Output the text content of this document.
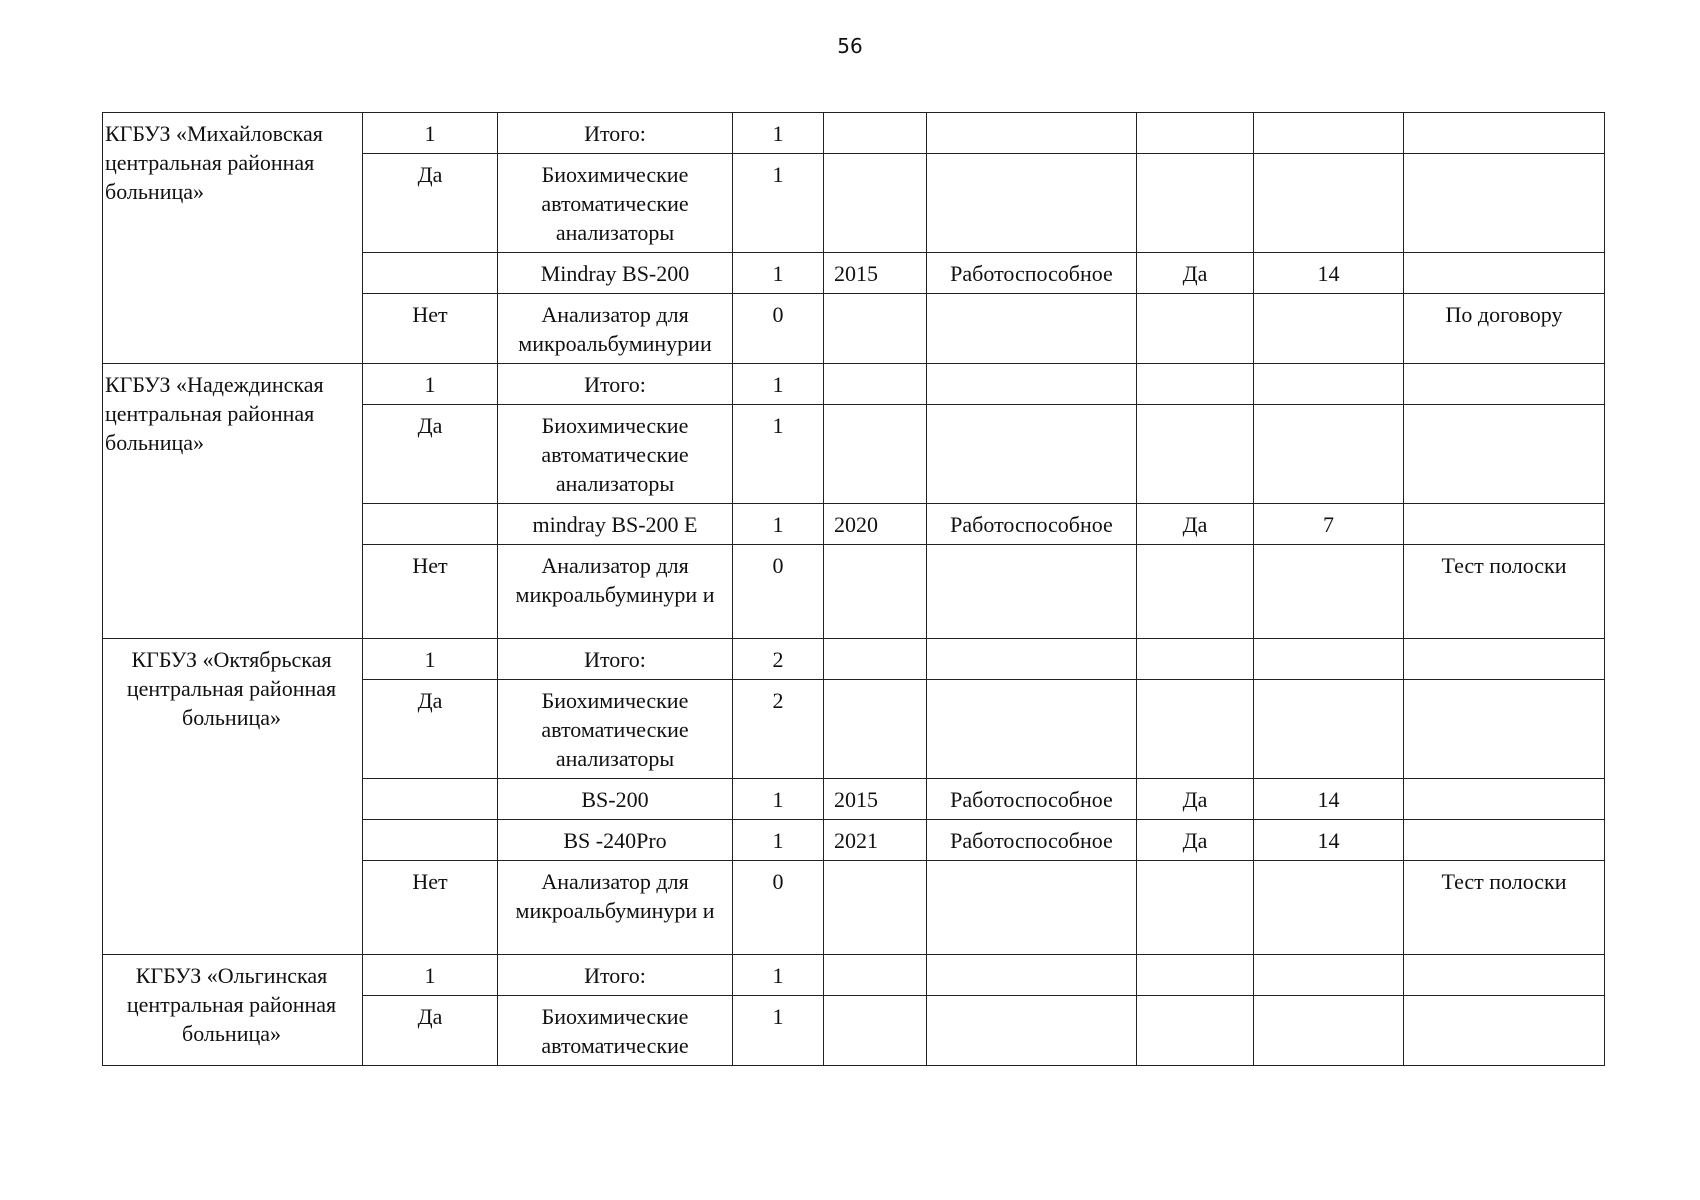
56
КГБУЗ «Михайловская центральная районная больница»	1	Итого:	1					
	Да	Биохимические автоматические анализаторы	1					
		Mindray BS-200	1	2015	Работоспособное	Да	14	
	Нет	Анализатор для микроальбуминурии	0					По договору

КГБУЗ «Надеждинская центральная районная больница»	1	Итого:	1					
	Да	Биохимические автоматические анализаторы	1					
		mindray BS-200 E	1	2020	Работоспособное	Да	7	
	Нет	Анализатор для микроальбуминури и	0					Тест полоски

КГБУЗ «Октябрьская центральная районная больница»	1	Итого:	2					
	Да	Биохимические автоматические анализаторы	2					
		BS-200	1	2015	Работоспособное	Да	14	
		BS -240Pro	1	2021	Работоспособное	Да	14	
	Нет	Анализатор для микроальбуминури и	0					Тест полоски

КГБУЗ «Ольгинская центральная районная больница»	1	Итого:	1					
	Да	Биохимические автоматические	1					
